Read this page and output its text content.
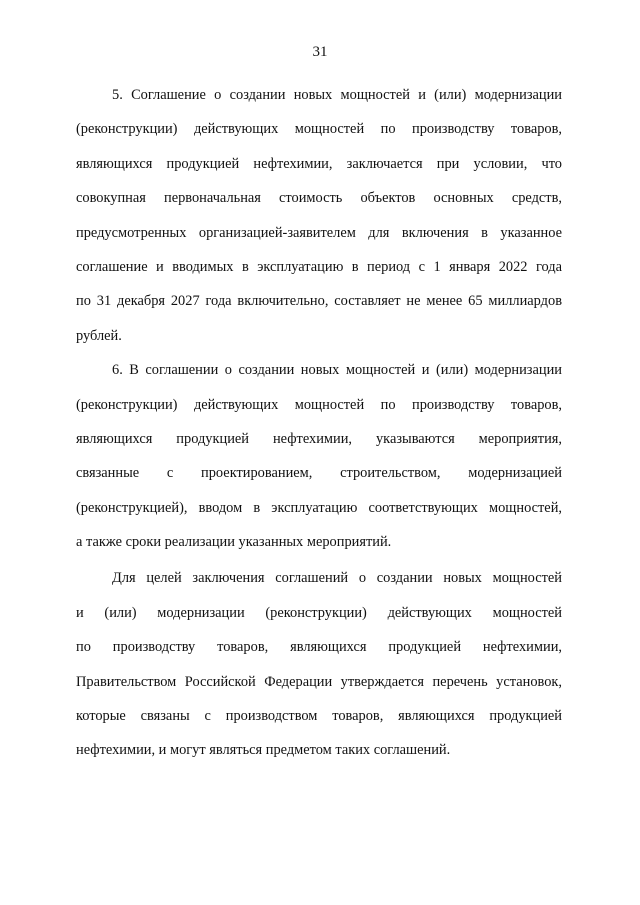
31
5. Соглашение о создании новых мощностей и (или) модернизации
(реконструкции) действующих мощностей по производству товаров,
являющихся продукцией нефтехимии, заключается при условии, что
совокупная первоначальная стоимость объектов основных средств,
предусмотренных организацией-заявителем для включения в указанное
соглашение и вводимых в эксплуатацию в период с 1 января 2022 года
по 31 декабря 2027 года включительно, составляет не менее 65 миллиардов
рублей.
6. В соглашении о создании новых мощностей и (или) модернизации
(реконструкции) действующих мощностей по производству товаров,
являющихся продукцией нефтехимии, указываются мероприятия,
связанные с проектированием, строительством, модернизацией
(реконструкцией), вводом в эксплуатацию соответствующих мощностей,
а также сроки реализации указанных мероприятий.
Для целей заключения соглашений о создании новых мощностей
и (или) модернизации (реконструкции) действующих мощностей
по производству товаров, являющихся продукцией нефтехимии,
Правительством Российской Федерации утверждается перечень установок,
которые связаны с производством товаров, являющихся продукцией
нефтехимии, и могут являться предметом таких соглашений.
